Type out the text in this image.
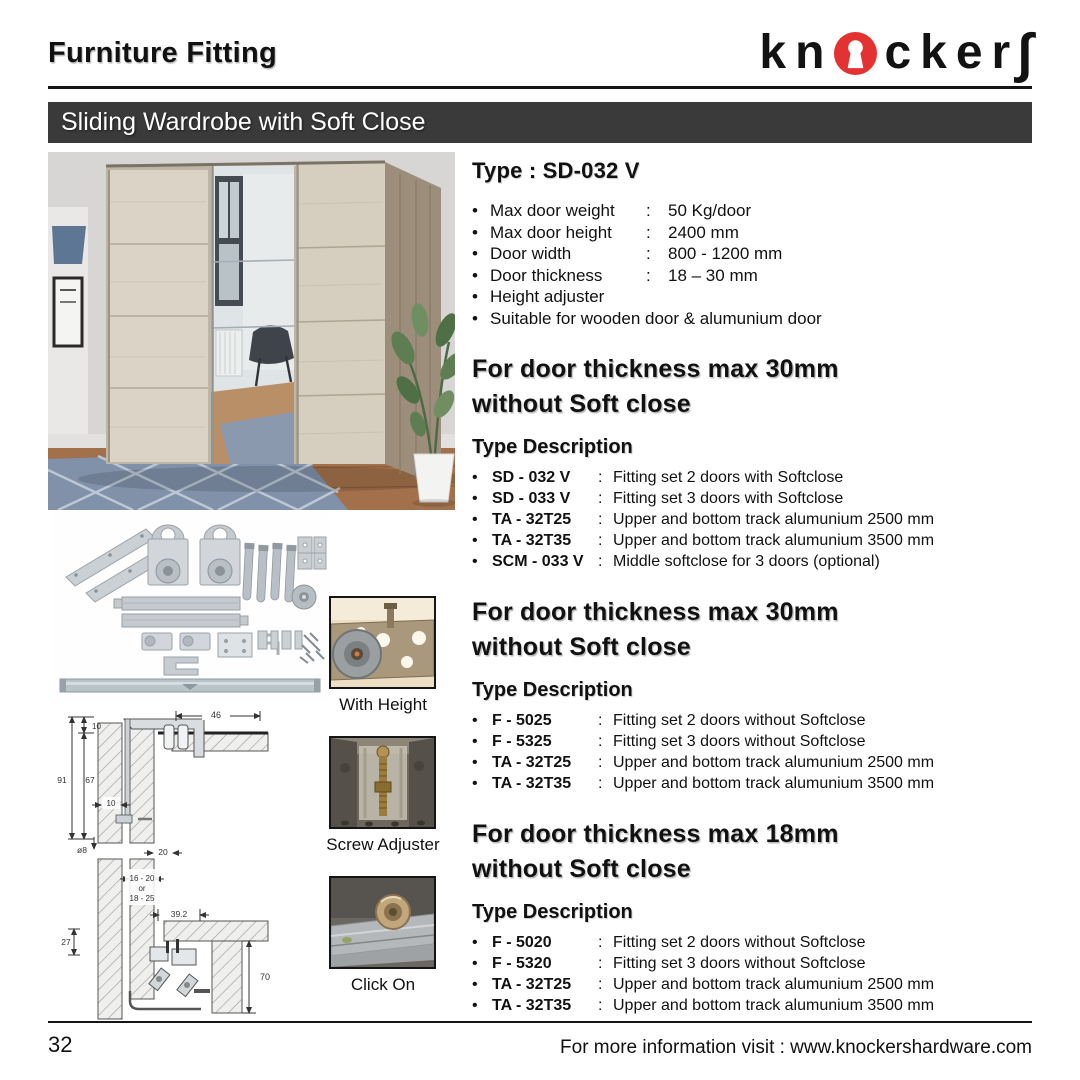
Furniture Fitting	kn cker
∫
Sliding Wardrobe with Soft Close
46
10
67
91
ø8
10
20
16 - 20
or
18 - 25
39.2
27
70
With Height
Screw Adjuster
Click On
Type : SD-032 V
•
Max door weight	:	50 Kg/door
•
Max door height	:	2400 mm
•
Door width	:	800 - 1200 mm
•
Door thickness	:	18 – 30 mm
•
Height adjuster
•
Suitable for wooden door & alumunium door
For door thickness max 30mm
without Soft close
Type Description
•
SD - 032 V	: Fitting set 2 doors with Softclose
•
SD - 033 V	: Fitting set 3 doors with Softclose
•
TA - 32T25	: Upper and bottom track alumunium 2500 mm
•
TA - 32T35	: Upper and bottom track alumunium 3500 mm
•
SCM - 033 V : Middle softclose for 3 doors (optional)
For door thickness max 30mm
without Soft close
Type Description
•
F - 5025	: Fitting set 2 doors without Softclose
•
F - 5325	: Fitting set 3 doors without Softclose
•
TA - 32T25	: Upper and bottom track alumunium 2500 mm
•
TA - 32T35	: Upper and bottom track alumunium 3500 mm
For door thickness max 18mm
without Soft close
Type Description
•
F - 5020	: Fitting set 2 doors without Softclose
•
F - 5320	: Fitting set 3 doors without Softclose
•
TA - 32T25	: Upper and bottom track alumunium 2500 mm
•
TA - 32T35	: Upper and bottom track alumunium 3500 mm
32	For more information visit : www.knockershardware.com
